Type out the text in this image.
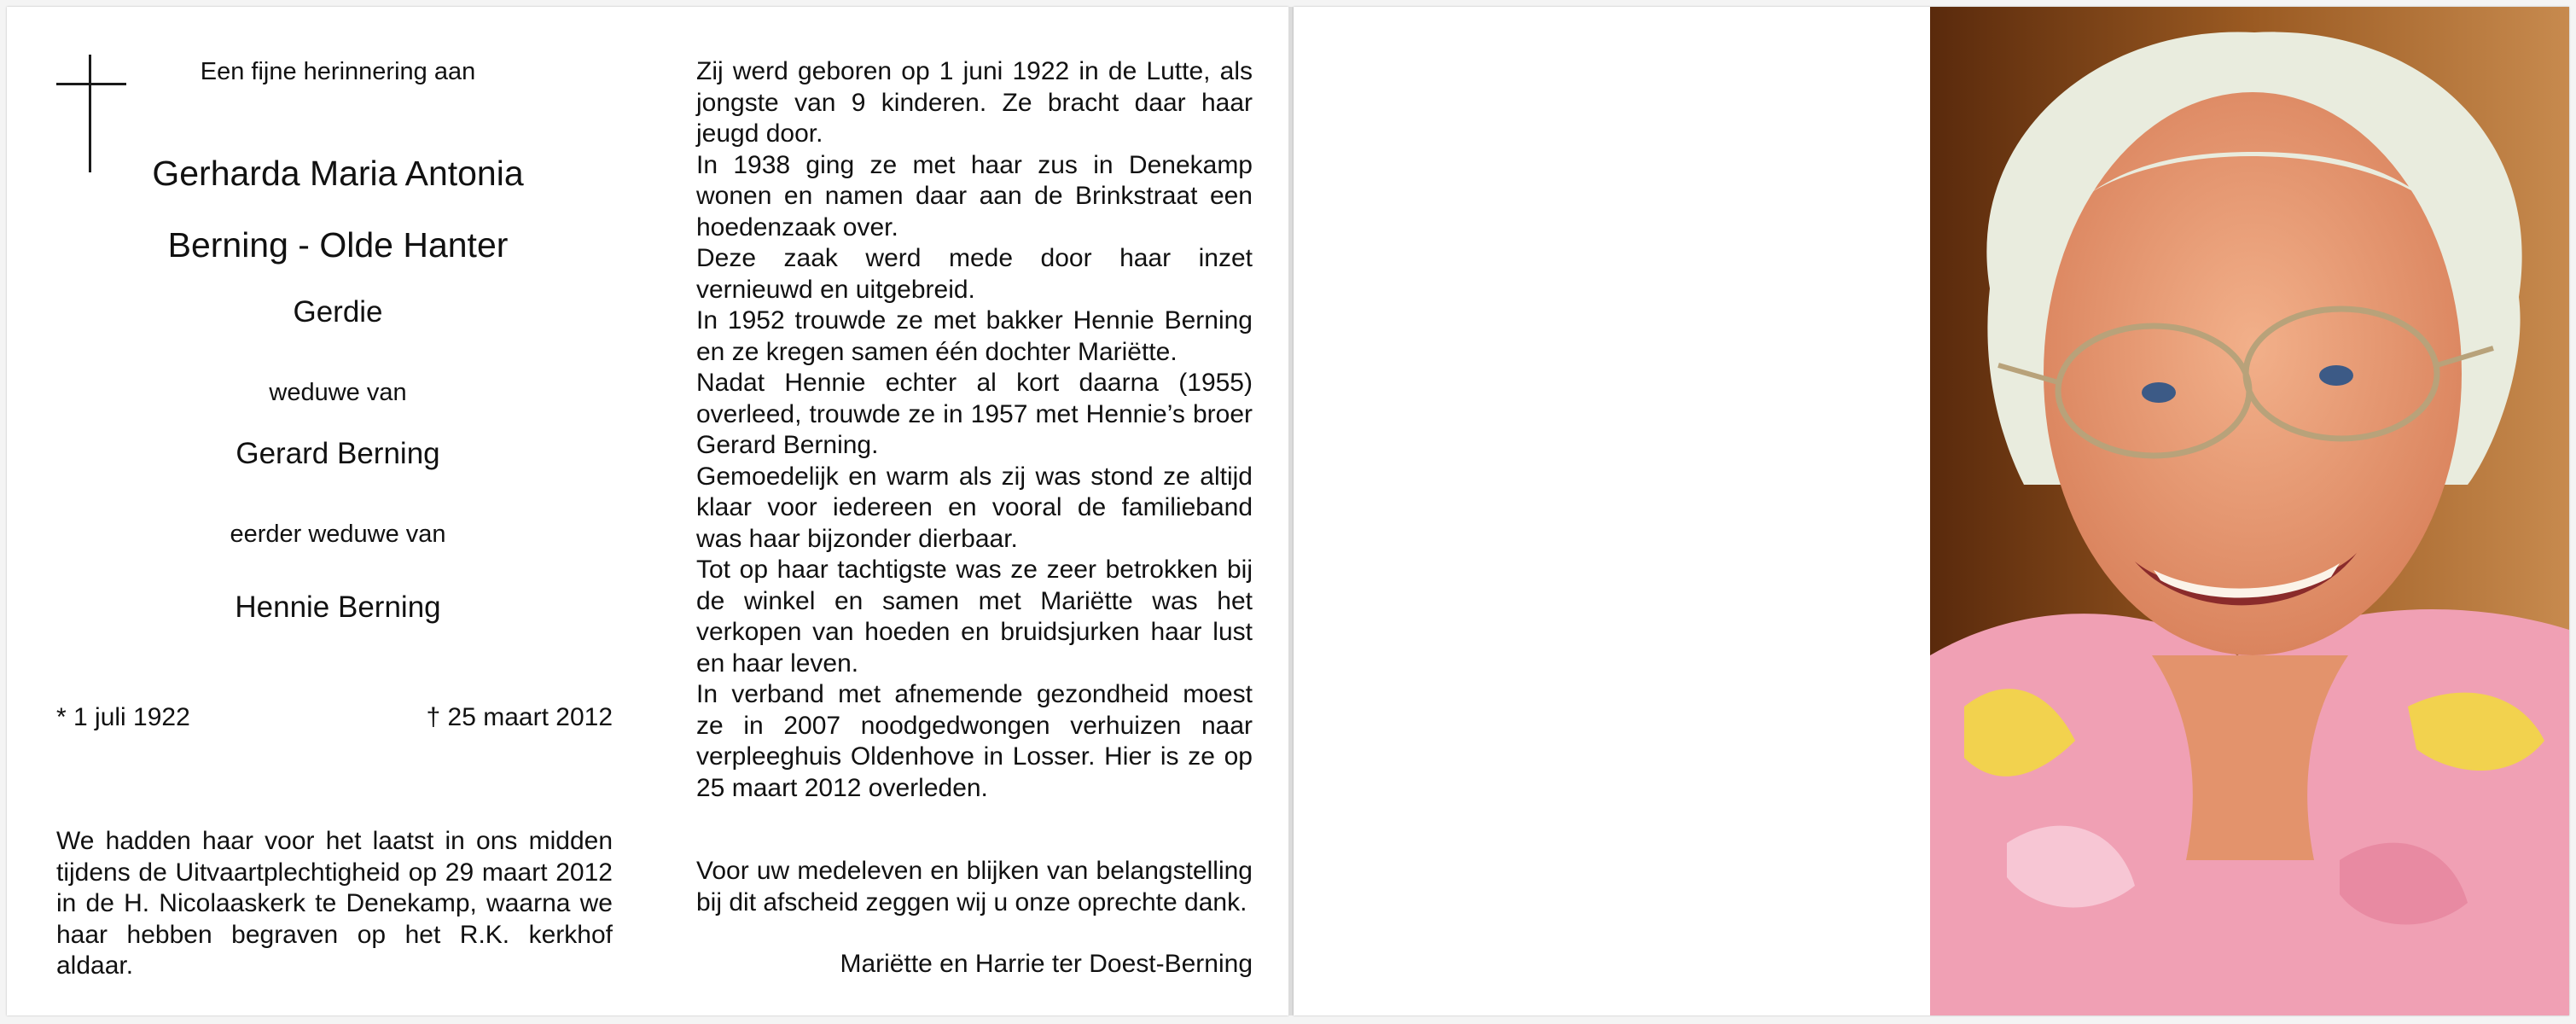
Een fijne herinnering aan
Gerharda Maria Antonia
Berning - Olde Hanter
Gerdie
weduwe van
Gerard Berning
eerder weduwe van
Hennie Berning
* 1 juli 1922	† 25 maart 2012
We hadden haar voor het laatst in ons midden tijdens de Uitvaartplechtigheid op 29 maart 2012 in de H. Nicolaaskerk te Denekamp, waarna we haar hebben begraven op het R.K. kerkhof aldaar.

Zij werd geboren op 1 juni 1922 in de Lutte, als jongste van 9 kinderen. Ze bracht daar haar jeugd door.

In 1938 ging ze met haar zus in Denekamp wonen en namen daar aan de Brinkstraat een hoedenzaak over.

Deze zaak werd mede door haar inzet vernieuwd en uitgebreid.

In 1952 trouwde ze met bakker Hennie Berning en ze kregen samen één dochter Mariëtte.

Nadat Hennie echter al kort daarna (1955) overleed, trouwde ze in 1957 met Hennie’s broer Gerard Berning.

Gemoedelijk en warm als zij was stond ze altijd klaar voor iedereen en vooral de familieband was haar bijzonder dierbaar.

Tot op haar tachtigste was ze zeer betrokken bij de winkel en samen met Mariëtte was het verkopen van hoeden en bruidsjurken haar lust en haar leven.

In verband met afnemende gezondheid moest ze in 2007 noodgedwongen verhuizen naar verpleeghuis Oldenhove in Losser. Hier is ze op 25 maart 2012 overleden.

Voor uw medeleven en blijken van belangstelling bij dit afscheid zeggen wij u onze oprechte dank.
Mariëtte en Harrie ter Doest-Berning
